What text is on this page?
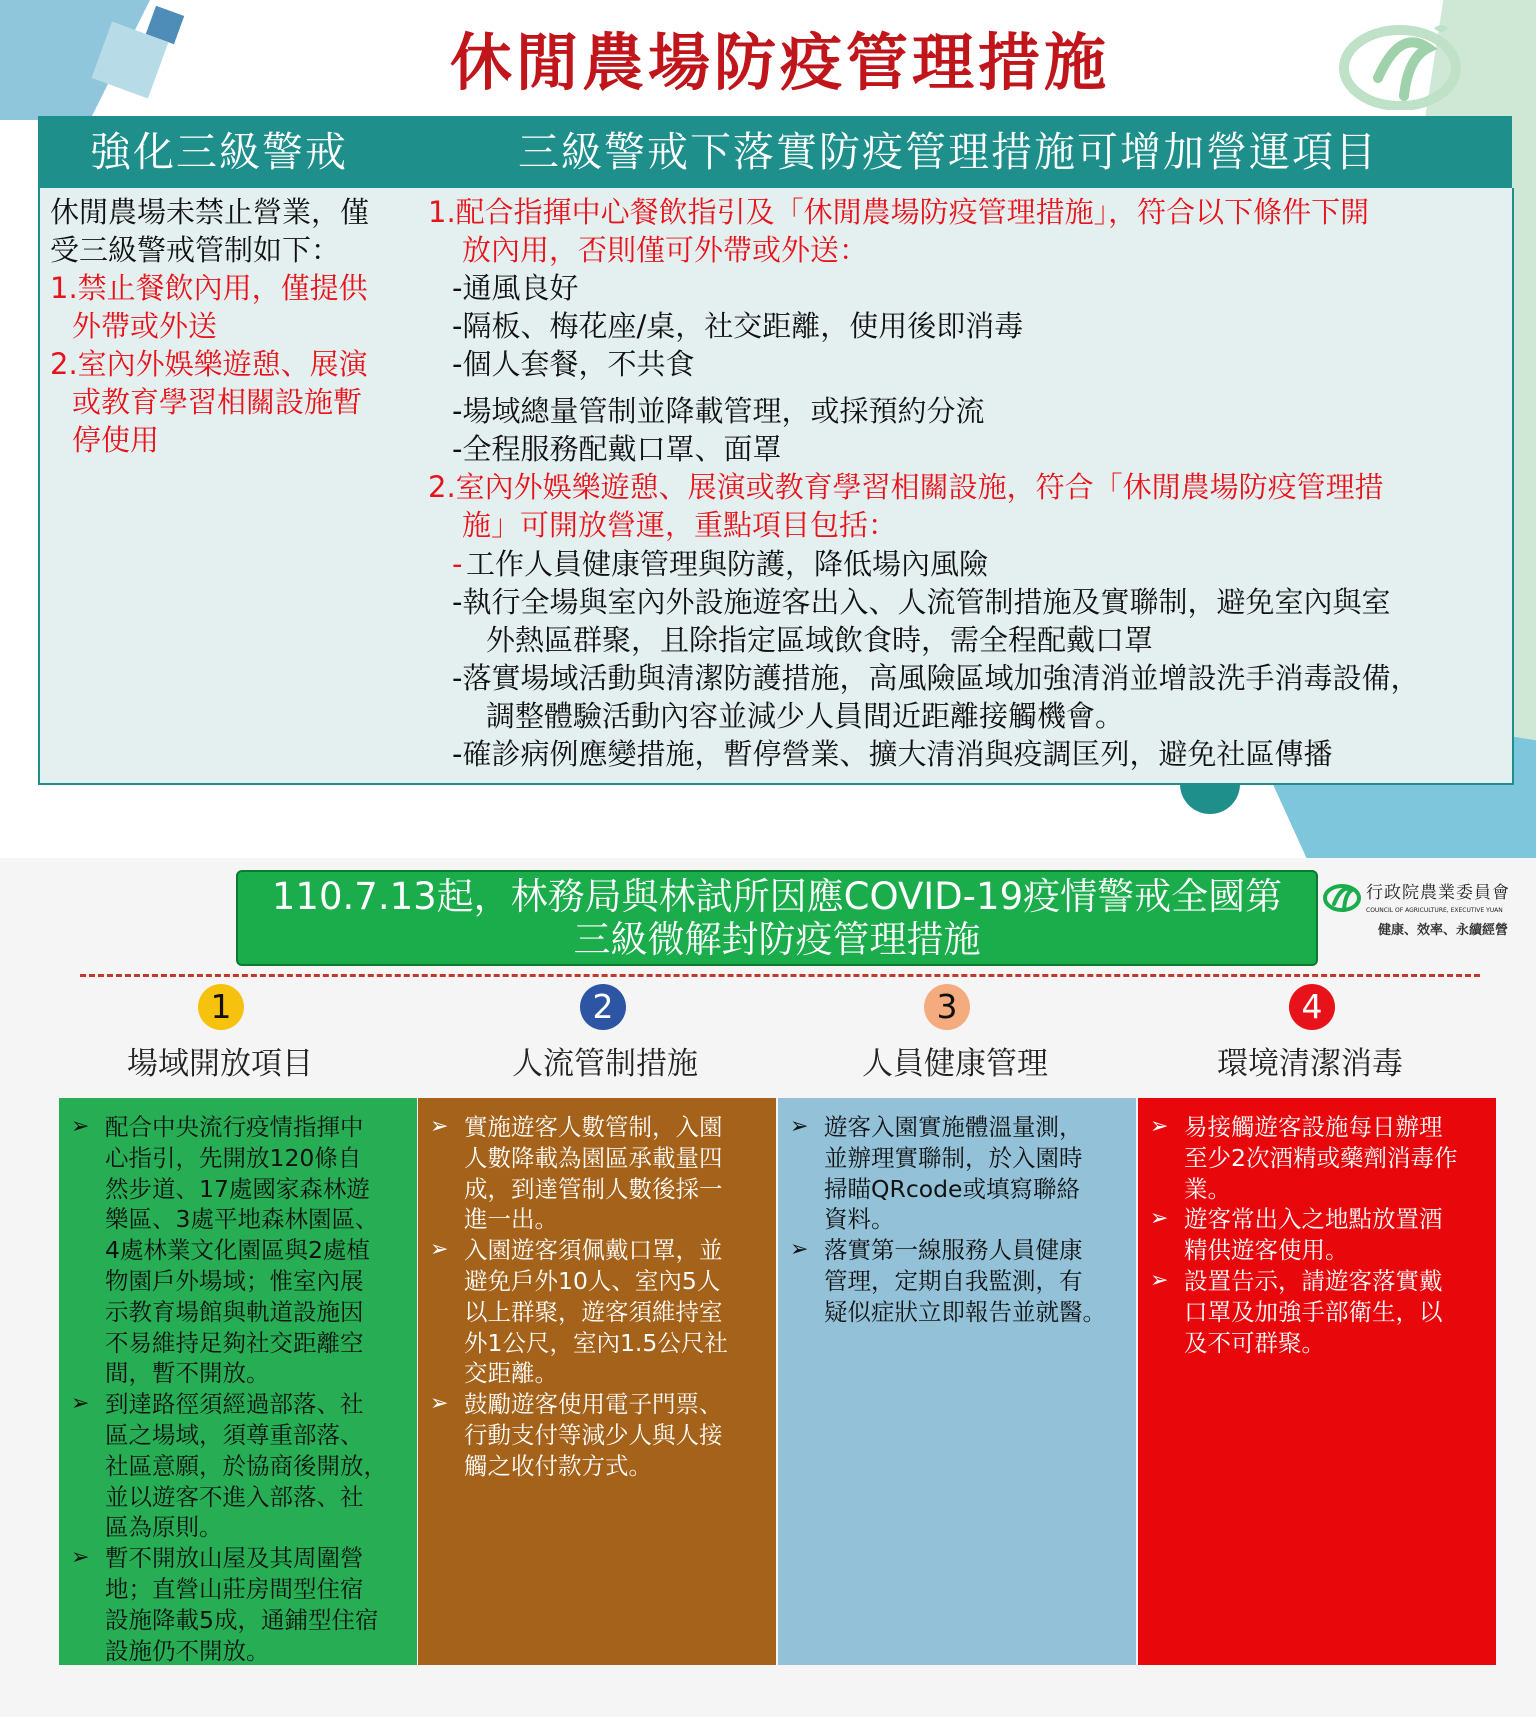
休閒農場防疫管理措施
強化三級警戒	三級警戒下落實防疫管理措施可增加營運項目
休閒農場未禁止營業，僅
受三級警戒管制如下：
1.禁止餐飲內用，僅提供
外帶或外送
2.室內外娛樂遊憩、展演
或教育學習相關設施暫
停使用
1.配合指揮中心餐飲指引及「休閒農場防疫管理措施」，符合以下條件下開
放內用，否則僅可外帶或外送：
-通風良好
-隔板、梅花座/桌，社交距離，使用後即消毒
-個人套餐，不共食
-場域總量管制並降載管理，或採預約分流
-全程服務配戴口罩、面罩
2.室內外娛樂遊憩、展演或教育學習相關設施，符合「休閒農場防疫管理措
施」可開放營運，重點項目包括：
- 工作人員健康管理與防護，降低場內風險
-執行全場與室內外設施遊客出入、人流管制措施及實聯制，避免室內與室
外熱區群聚，且除指定區域飲食時，需全程配戴口罩
-落實場域活動與清潔防護措施，高風險區域加強清消並增設洗手消毒設備，
調整體驗活動內容並減少人員間近距離接觸機會。
-確診病例應變措施，暫停營業、擴大清消與疫調匡列，避免社區傳播
110.7.13起，林務局與林試所因應COVID-19疫情警戒全國第
三級微解封防疫管理措施
行政院農業委員會
COUNCIL OF AGRICULTURE, EXECUTIVE YUAN
健康、效率、永續經營
1
場域開放項目
2
人流管制措施
3
人員健康管理
4
環境清潔消毒
➢ 配合中央流行疫情指揮中
心指引，先開放120條自
然步道、17處國家森林遊
樂區、3處平地森林園區、
4處林業文化園區與2處植
物園戶外場域；惟室內展
示教育場館與軌道設施因
不易維持足夠社交距離空
間，暫不開放。
➢ 到達路徑須經過部落、社
區之場域，須尊重部落、
社區意願，於協商後開放，
並以遊客不進入部落、社
區為原則。
➢ 暫不開放山屋及其周圍營
地；直營山莊房間型住宿
設施降載5成，通鋪型住宿
設施仍不開放。
➢ 實施遊客人數管制，入園
人數降載為園區承載量四
成，到達管制人數後採一
進一出。
➢ 入園遊客須佩戴口罩，並
避免戶外10人、室內5人
以上群聚，遊客須維持室
外1公尺，室內1.5公尺社
交距離。
➢ 鼓勵遊客使用電子門票、
行動支付等減少人與人接
觸之收付款方式。
➢ 遊客入園實施體溫量測，
並辦理實聯制，於入園時
掃瞄QRcode或填寫聯絡
資料。
➢ 落實第一線服務人員健康
管理，定期自我監測，有
疑似症狀立即報告並就醫。
➢ 易接觸遊客設施每日辦理
至少2次酒精或藥劑消毒作
業。
➢ 遊客常出入之地點放置酒
精供遊客使用。
➢ 設置告示，請遊客落實戴
口罩及加強手部衛生，以
及不可群聚。
